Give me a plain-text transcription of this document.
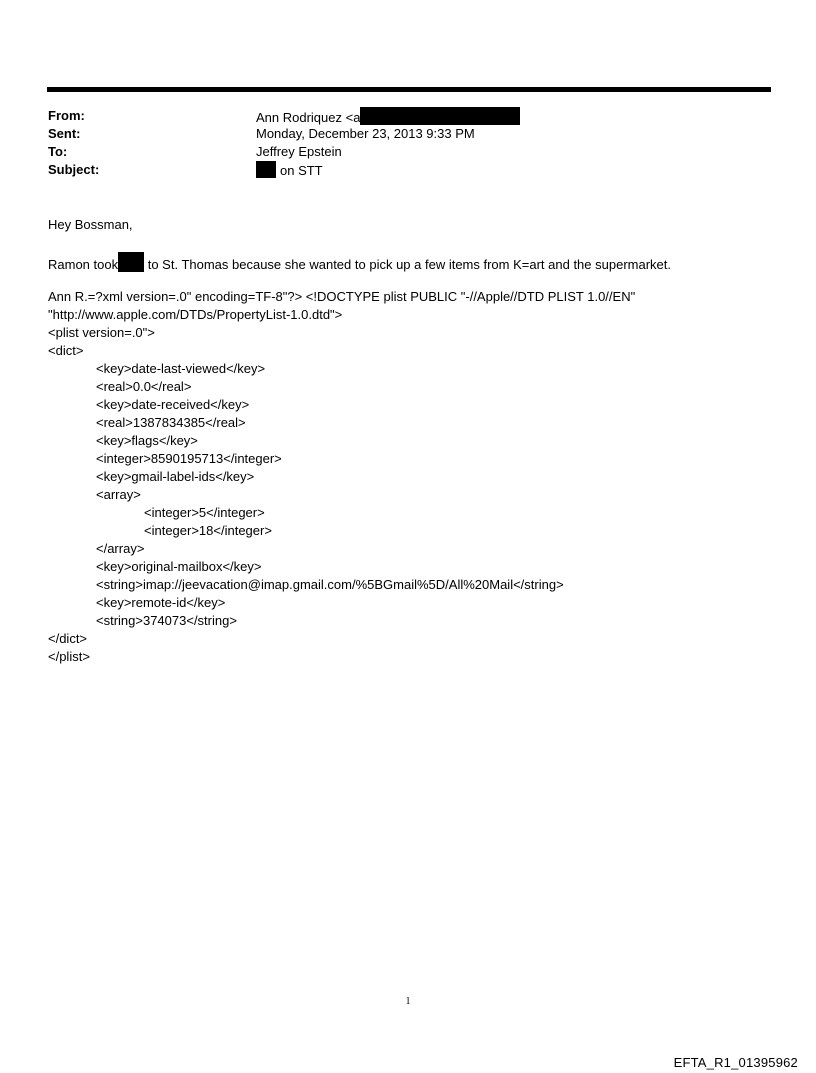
From:	Ann Rodriquez <a
Sent:	Monday, December 23, 2013 9:33 PM
To:	Jeffrey Epstein
Subject:	on STT
Hey Bossman,
Ramon took to St. Thomas because she wanted to pick up a few items from K=art and the supermarket.
Ann R.=?xml version=.0" encoding=TF-8"?> <!DOCTYPE plist PUBLIC "-//Apple//DTD PLIST 1.0//EN"
"http://www.apple.com/DTDs/PropertyList-1.0.dtd">
<plist version=.0">
<dict>
<key>date-last-viewed</key>
<real>0.0</real>
<key>date-received</key>
<real>1387834385</real>
<key>flags</key>
<integer>8590195713</integer>
<key>gmail-label-ids</key>
<array>
<integer>5</integer>
<integer>18</integer>
</array>
<key>original-mailbox</key>
<string>imap://jeevacation@imap.gmail.com/%5BGmail%5D/All%20Mail</string>
<key>remote-id</key>
<string>374073</string>
</dict>
</plist>
1
EFTA_R1_01395962
